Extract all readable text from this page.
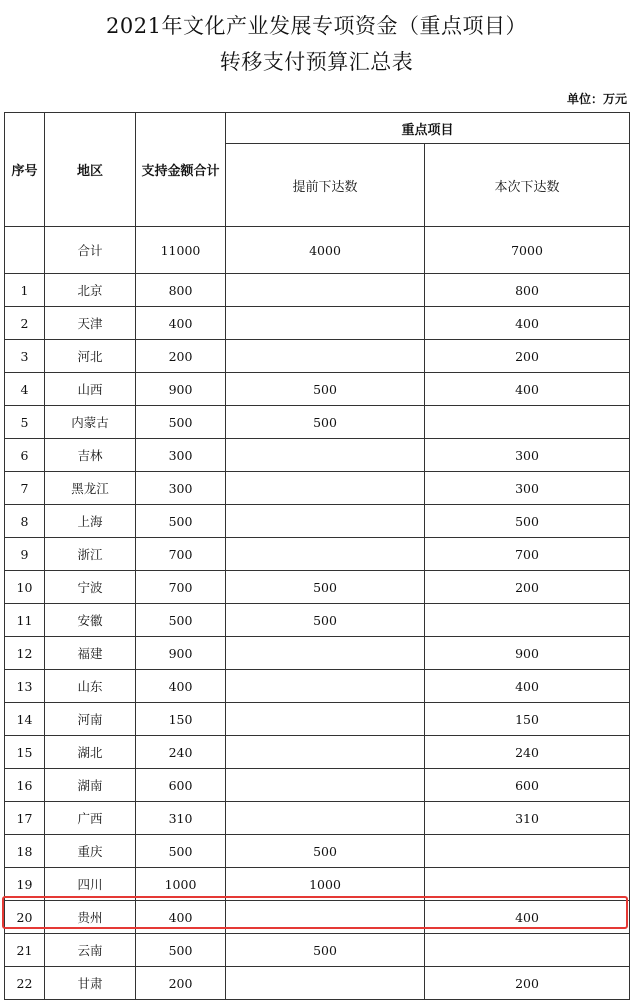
2021年文化产业发展专项资金（重点项目）
转移支付预算汇总表
单位：万元
序号	地区	支持金额合计	重点项目	
			提前下达数	本次下达数
	合计	11000	4000	7000
1	北京	800		800
2	天津	400		400
3	河北	200		200
4	山西	900	500	400
5	内蒙古	500	500	
6	吉林	300		300
7	黑龙江	300		300
8	上海	500		500
9	浙江	700		700
10	宁波	700	500	200
11	安徽	500	500	
12	福建	900		900
13	山东	400		400
14	河南	150		150
15	湖北	240		240
16	湖南	600		600
17	广西	310		310
18	重庆	500	500	
19	四川	1000	1000	
20	贵州	400		400
21	云南	500	500	
22	甘肃	200		200
